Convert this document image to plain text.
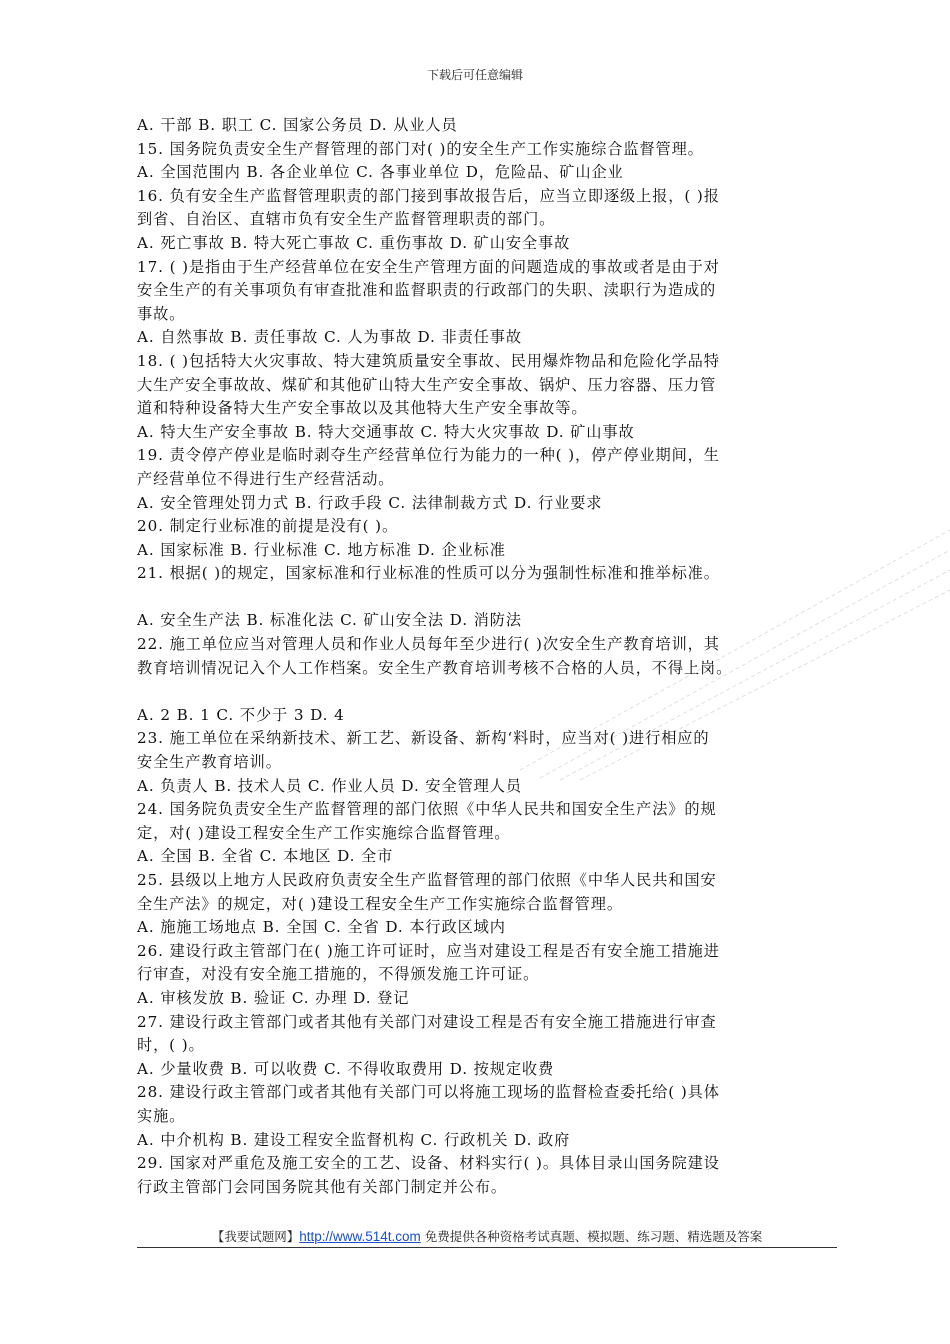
下载后可任意编辑
A. 干部 B. 职工 C. 国家公务员 D. 从业人员
15. 国务院负责安全生产督管理的部门对( )的安全生产工作实施综合监督管理。
A. 全国范围内 B. 各企业单位 C. 各事业单位 D，危险品、矿山企业
16. 负有安全生产监督管理职责的部门接到事故报告后，应当立即逐级上报，( )报
到省、自治区、直辖市负有安全生产监督管理职责的部门。
A. 死亡事故 B. 特大死亡事故 C. 重伤事故 D. 矿山安全事故
17. ( )是指由于生产经营单位在安全生产管理方面的问题造成的事故或者是由于对
安全生产的有关事项负有审查批准和监督职责的行政部门的失职、渎职行为造成的
事故。
A. 自然事故 B. 责任事故 C. 人为事故 D. 非责任事故
18. ( )包括特大火灾事故、特大建筑质量安全事故、民用爆炸物品和危险化学品特
大生产安全事故故、煤矿和其他矿山特大生产安全事故、锅炉、压力容器、压力管
道和特种设备特大生产安全事故以及其他特大生产安全事故等。
A. 特大生产安全事故 B. 特大交通事故 C. 特大火灾事故 D. 矿山事故
19. 责令停产停业是临时剥夺生产经营单位行为能力的一种( )，停产停业期间，生
产经营单位不得进行生产经营活动。
A. 安全管理处罚力式 B. 行政手段 C. 法律制裁方式 D. 行业要求
20. 制定行业标准的前提是没有( )。
A. 国家标准 B. 行业标准 C. 地方标准 D. 企业标准
21. 根据( )的规定，国家标准和行业标准的性质可以分为强制性标准和推举标准。
A. 安全生产法 B. 标准化法 C. 矿山安全法 D. 消防法
22. 施工单位应当对管理人员和作业人员每年至少进行( )次安全生产教育培训，其
教育培训情况记入个人工作档案。安全生产教育培训考核不合格的人员，不得上岗。
A. 2 B. 1 C. 不少于 3 D. 4
23. 施工单位在采纳新技术、新工艺、新设备、新构‘料时，应当对( )进行相应的
安全生产教育培训。
A. 负责人 B. 技术人员 C. 作业人员 D. 安全管理人员
24. 国务院负责安全生产监督管理的部门依照《中华人民共和国安全生产法》的规
定，对( )建设工程安全生产工作实施综合监督管理。
A. 全国 B. 全省 C. 本地区 D. 全市
25. 县级以上地方人民政府负责安全生产监督管理的部门依照《中华人民共和国安
全生产法》的规定，对( )建设工程安全生产工作实施综合监督管理。
A. 施施工场地点 B. 全国 C. 全省 D. 本行政区域内
26. 建设行政主管部门在( )施工许可证时，应当对建设工程是否有安全施工措施进
行审查，对没有安全施工措施的，不得颁发施工许可证。
A. 审核发放 B. 验证 C. 办理 D. 登记
27. 建设行政主管部门或者其他有关部门对建设工程是否有安全施工措施进行审查
时，( )。
A. 少量收费 B. 可以收费 C. 不得收取费用 D. 按规定收费
28. 建设行政主管部门或者其他有关部门可以将施工现场的监督检查委托给( )具体
实施。
A. 中介机构 B. 建设工程安全监督机构 C. 行政机关 D. 政府
29. 国家对严重危及施工安全的工艺、设备、材料实行( )。具体目录山国务院建设
行政主管部门会同国务院其他有关部门制定并公布。
【我要试题网】http://www.514t.com 免费提供各种资格考试真题、模拟题、练习题、精选题及答案
